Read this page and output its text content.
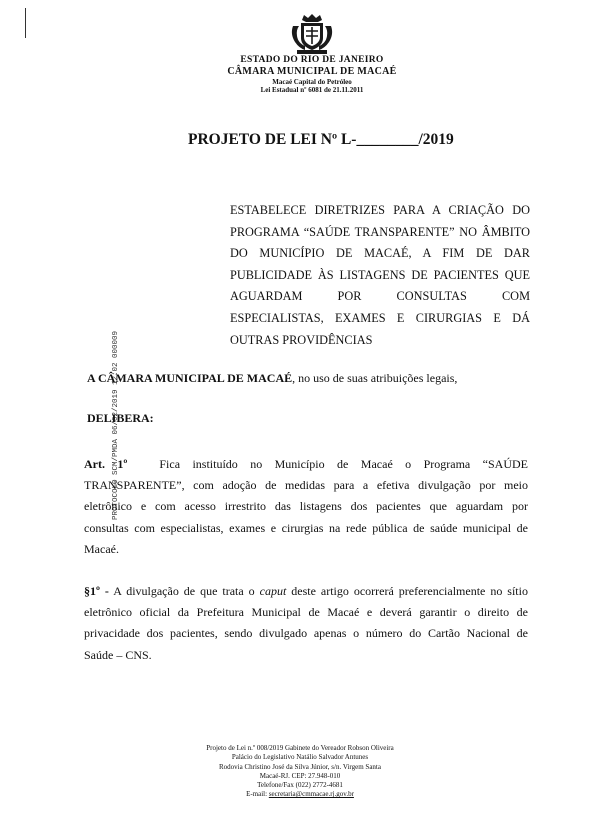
ESTADO DO RIO DE JANEIRO
CÂMARA MUNICIPAL DE MACAÉ
Macaé Capital do Petróleo
Lei Estadual nº 6081 de 21.11.2011
PROJETO DE LEI Nº L-________/2019
ESTABELECE DIRETRIZES PARA A CRIAÇÃO DO
PROGRAMA “SAÚDE TRANSPARENTE” NO ÂMBITO
DO MUNICÍPIO DE MACAÉ, A FIM DE DAR
PUBLICIDADE ÀS LISTAGENS DE PACIENTES QUE
AGUARDAM POR CONSULTAS COM
ESPECIALISTAS, EXAMES E CIRURGIAS E DÁ
OUTRAS PROVIDÊNCIAS
PROTOCOLO SCM/PMDA 06/02/2019 12:02 000009
A CÂMARA MUNICIPAL DE MACAÉ, no uso de suas atribuições legais,
DELIBERA:
Art. 1º	Fica instituído no Município de Macaé o Programa “SAÚDE
TRANSPARENTE”, com adoção de medidas para a efetiva divulgação por meio
eletrônico e com acesso irrestrito das listagens dos pacientes que aguardam por
consultas com especialistas, exames e cirurgias na rede pública de saúde municipal de
Macaé.
§1º - A divulgação de que trata o caput deste artigo ocorrerá preferencialmente no sítio
eletrônico oficial da Prefeitura Municipal de Macaé e deverá garantir o direito de
privacidade dos pacientes, sendo divulgado apenas o número do Cartão Nacional de
Saúde – CNS.
Projeto de Lei n.º 008/2019 Gabinete do Vereador Robson Oliveira
Palácio do Legislativo Natálio Salvador Antunes
Rodovia Christino José da Silva Júnior, s/n. Virgem Santa
Macaé-RJ. CEP: 27.948-010
Telefone/Fax (022) 2772-4681
E-mail: secretaria@cmmacae.rj.gov.br
